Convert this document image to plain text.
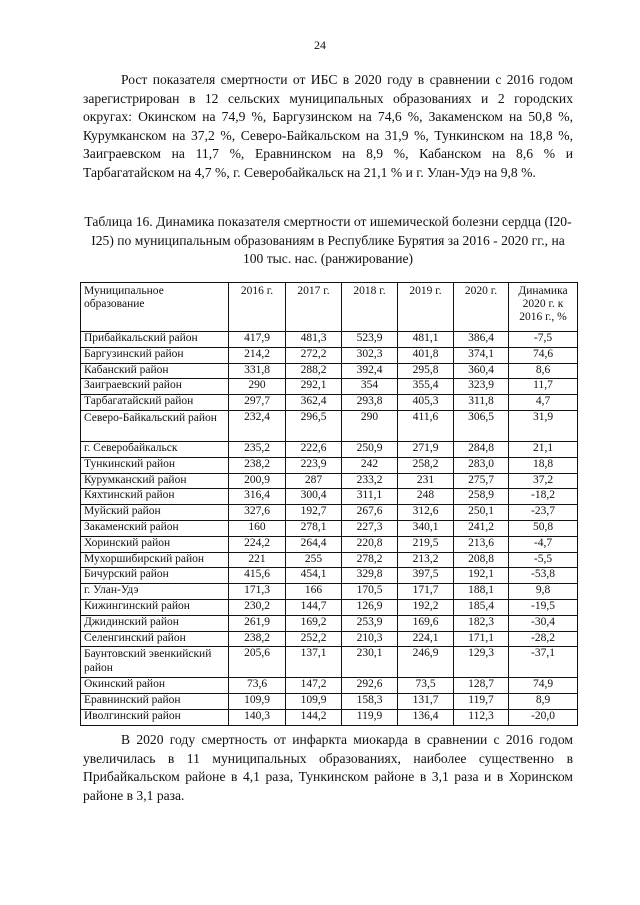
24

Рост показателя смертности от ИБС в 2020 году в сравнении с 2016 годом зарегистрирован в 12 сельских муниципальных образованиях и 2 городских округах: Окинском на 74,9 %, Баргузинском на 74,6 %, Закаменском на 50,8 %, Курумканском на 37,2 %, Северо-Байкальском на 31,9 %, Тункинском на 18,8 %, Заиграевском на 11,7 %, Еравнинском на 8,9 %, Кабанском на 8,6 % и Тарбагатайском на 4,7 %, г. Северобайкальск на 21,1 % и г. Улан-Удэ на 9,8 %.

Таблица 16. Динамика показателя смертности от ишемической болезни сердца (I20-I25) по муниципальным образованиям в Республике Бурятия за 2016 - 2020 гг., на 100 тыс. нас. (ранжирование)

Муниципальное образование	2016 г.	2017 г.	2018 г.	2019 г.	2020 г.	Динамика 2020 г. к 2016 г., %
Прибайкальский район	417,9	481,3	523,9	481,1	386,4	-7,5
Баргузинский район	214,2	272,2	302,3	401,8	374,1	74,6
Кабанский район	331,8	288,2	392,4	295,8	360,4	8,6
Заиграевский район	290	292,1	354	355,4	323,9	11,7
Тарбагатайский район	297,7	362,4	293,8	405,3	311,8	4,7
Северо-Байкальский район	232,4	296,5	290	411,6	306,5	31,9
г. Северобайкальск	235,2	222,6	250,9	271,9	284,8	21,1
Тункинский район	238,2	223,9	242	258,2	283,0	18,8
Курумканский район	200,9	287	233,2	231	275,7	37,2
Кяхтинский район	316,4	300,4	311,1	248	258,9	-18,2
Муйский район	327,6	192,7	267,6	312,6	250,1	-23,7
Закаменский район	160	278,1	227,3	340,1	241,2	50,8
Хоринский район	224,2	264,4	220,8	219,5	213,6	-4,7
Мухоршибирский район	221	255	278,2	213,2	208,8	-5,5
Бичурский район	415,6	454,1	329,8	397,5	192,1	-53,8
г. Улан-Удэ	171,3	166	170,5	171,7	188,1	9,8
Кижингинский район	230,2	144,7	126,9	192,2	185,4	-19,5
Джидинский район	261,9	169,2	253,9	169,6	182,3	-30,4
Селенгинский район	238,2	252,2	210,3	224,1	171,1	-28,2
Баунтовский эвенкийский район	205,6	137,1	230,1	246,9	129,3	-37,1
Окинский район	73,6	147,2	292,6	73,5	128,7	74,9
Еравнинский район	109,9	109,9	158,3	131,7	119,7	8,9
Иволгинский район	140,3	144,2	119,9	136,4	112,3	-20,0

В 2020 году смертность от инфаркта миокарда в сравнении с 2016 годом увеличилась в 11 муниципальных образованиях, наиболее существенно в Прибайкальском районе в 4,1 раза, Тункинском районе в 3,1 раза и в Хоринском районе в 3,1 раза.
